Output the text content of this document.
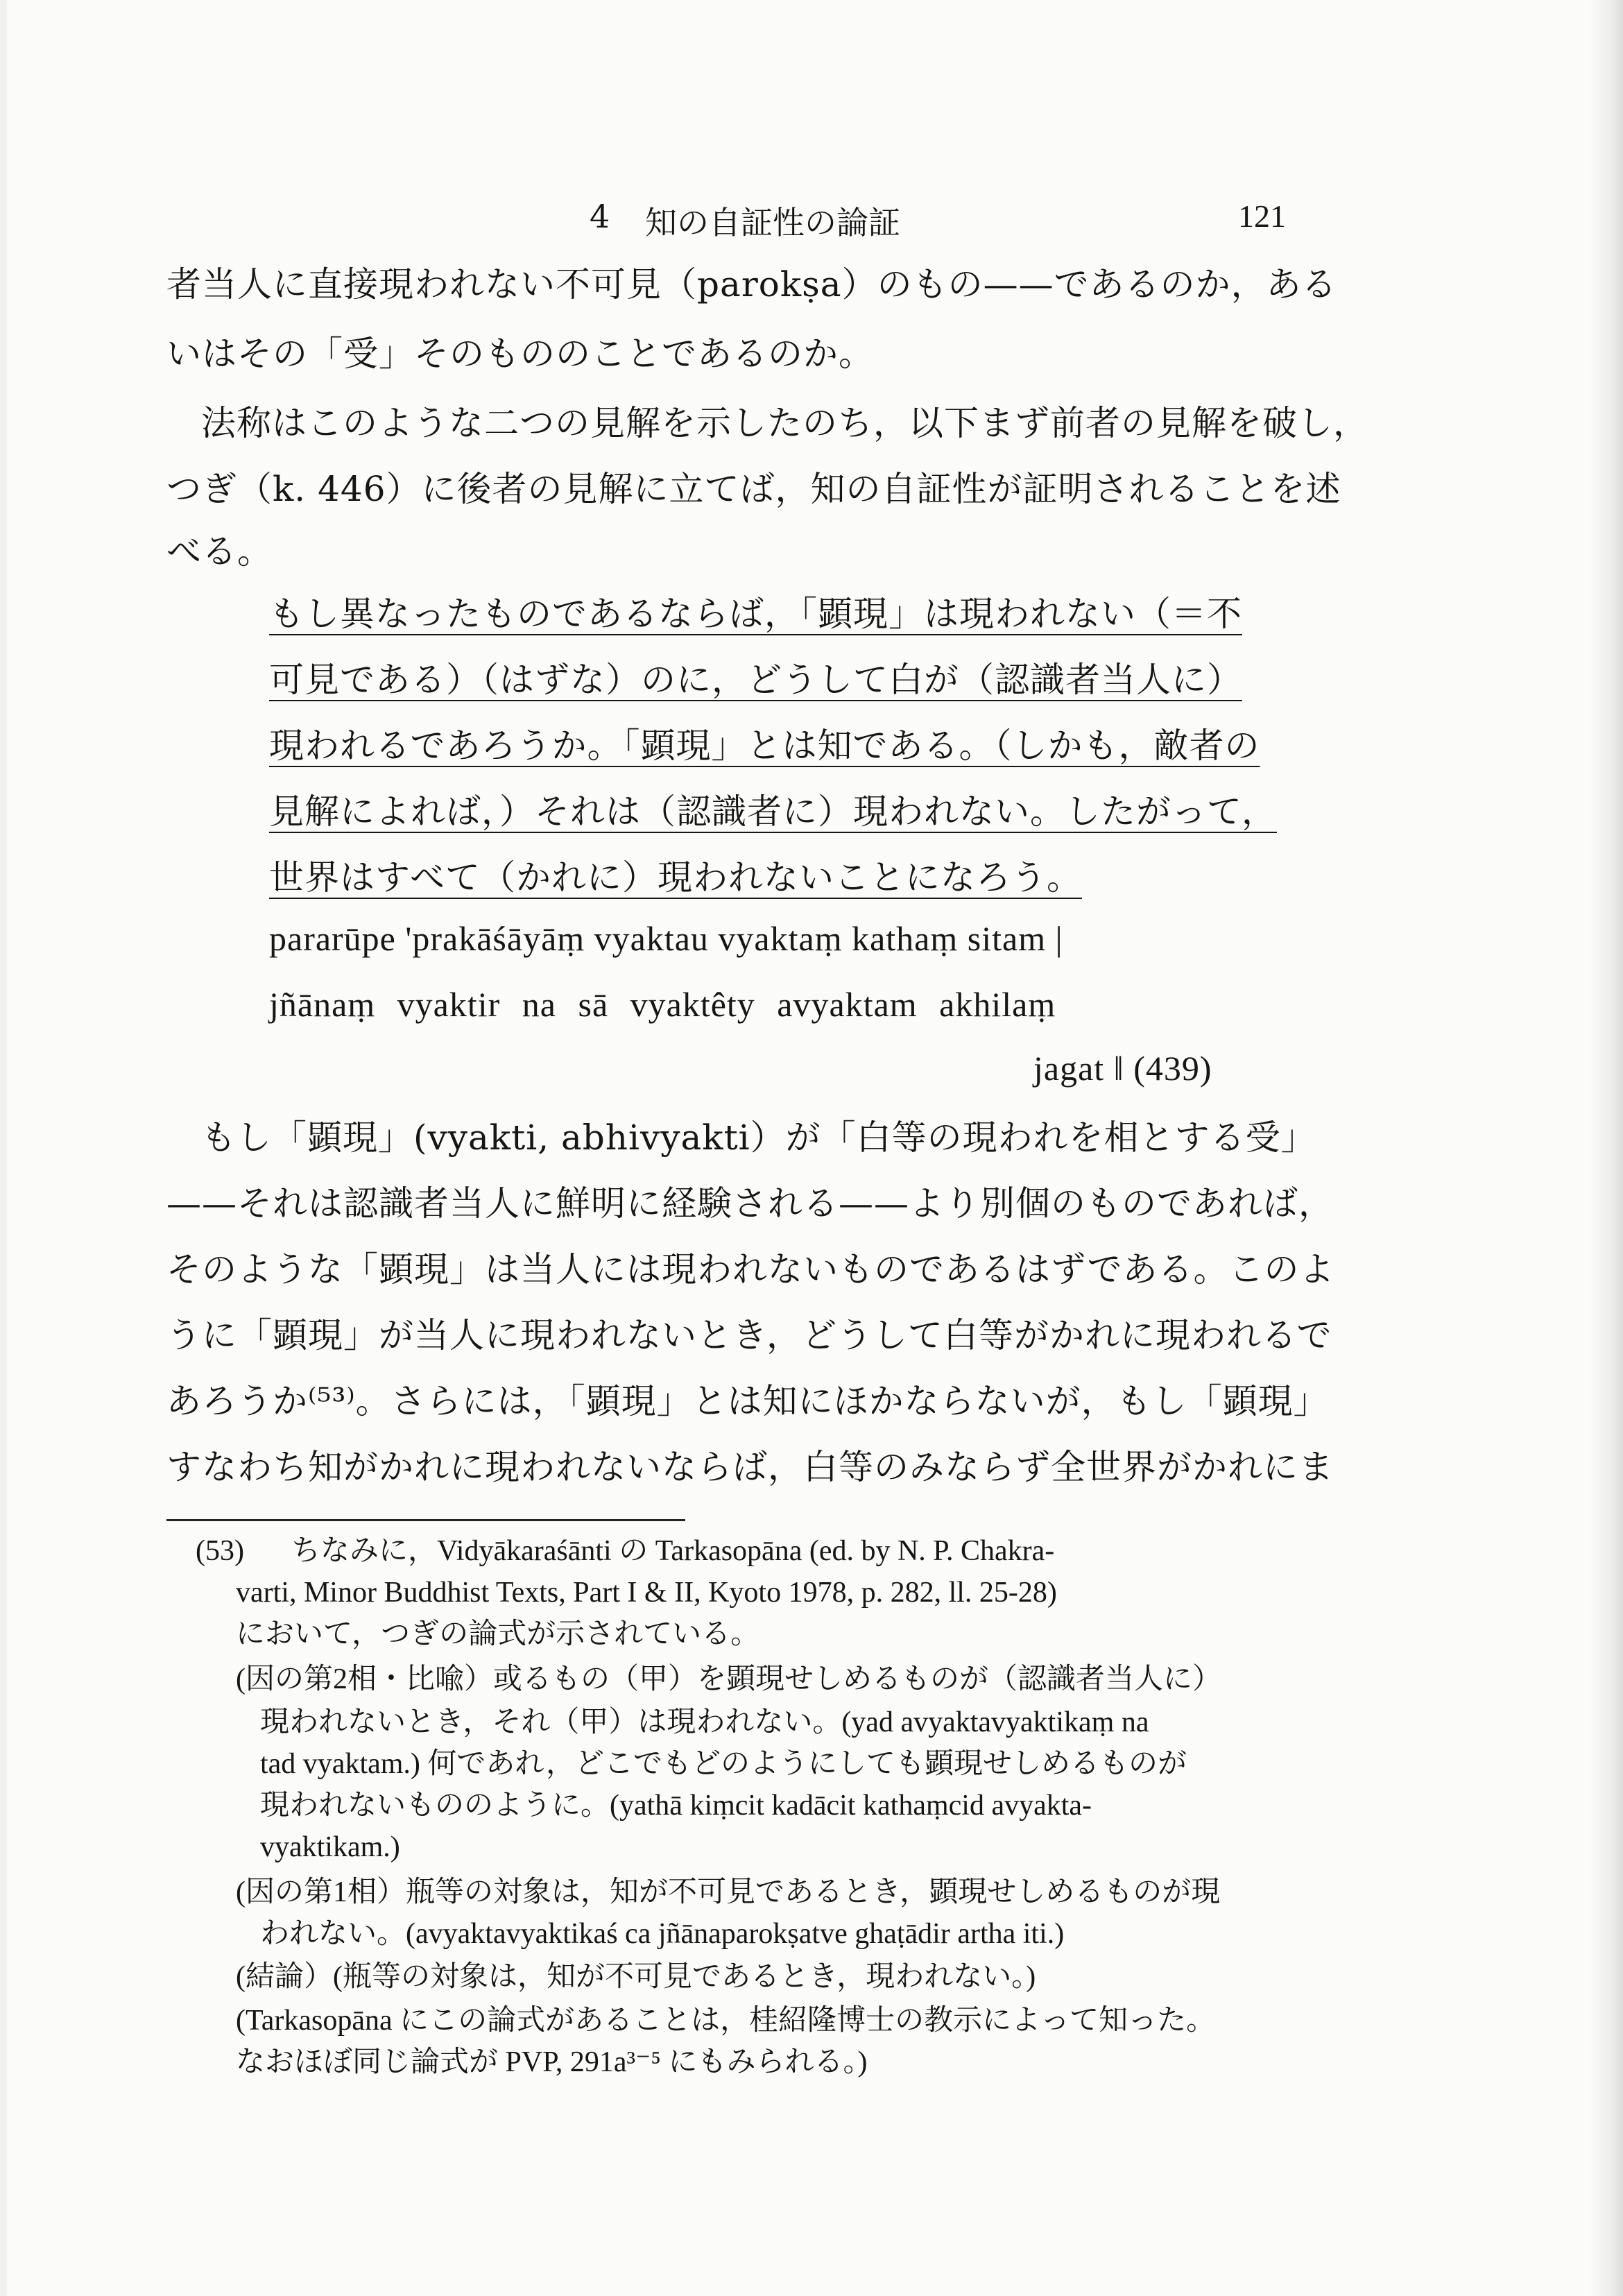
4 知の自証性の論証	121
者当人に直接現われない不可見（parokṣa）のもの——であるのか，ある
いはその「受」そのもののことであるのか。
法称はこのような二つの見解を示したのち，以下まず前者の見解を破し，
つぎ（k. 446）に後者の見解に立てば，知の自証性が証明されることを述
べる。
もし異なったものであるならば，「顕現」は現われない（＝不
可見である）（はずな）のに，どうして白が（認識者当人に）
現われるであろうか。「顕現」とは知である。（しかも，敵者の
見解によれば，）それは（認識者に）現われない。したがって，
世界はすべて（かれに）現われないことになろう。
pararūpe 'prakāśāyāṃ vyaktau vyaktaṃ kathaṃ sitam |
jñānaṃ vyaktir na sā vyaktêty avyaktam akhilaṃ
jagat ‖ (439)
もし「顕現」(vyakti, abhivyakti）が「白等の現われを相とする受」
——それは認識者当人に鮮明に経験される——より別個のものであれば，
そのような「顕現」は当人には現われないものであるはずである。このよ
うに「顕現」が当人に現われないとき，どうして白等がかれに現われるで
あろうか⁽⁵³⁾。さらには，「顕現」とは知にほかならないが，もし「顕現」
すなわち知がかれに現われないならば，白等のみならず全世界がかれにま
(53) ちなみに，Vidyākaraśānti の Tarkasopāna (ed. by N. P. Chakra-
varti, Minor Buddhist Texts, Part I & II, Kyoto 1978, p. 282, ll. 25-28)
において，つぎの論式が示されている。
(因の第2相・比喩）或るもの（甲）を顕現せしめるものが（認識者当人に）
現われないとき，それ（甲）は現われない。(yad avyaktavyaktikaṃ na
tad vyaktam.) 何であれ，どこでもどのようにしても顕現せしめるものが
現われないもののように。(yathā kiṃcit kadācit kathaṃcid avyakta-
vyaktikam.)
(因の第1相）瓶等の対象は，知が不可見であるとき，顕現せしめるものが現
われない。(avyaktavyaktikaś ca jñānaparokṣatve ghaṭādir artha iti.)
(結論）(瓶等の対象は，知が不可見であるとき，現われない。)
(Tarkasopāna にこの論式があることは，桂紹隆博士の教示によって知った。
なおほぼ同じ論式が PVP, 291a³⁻⁵ にもみられる。)
